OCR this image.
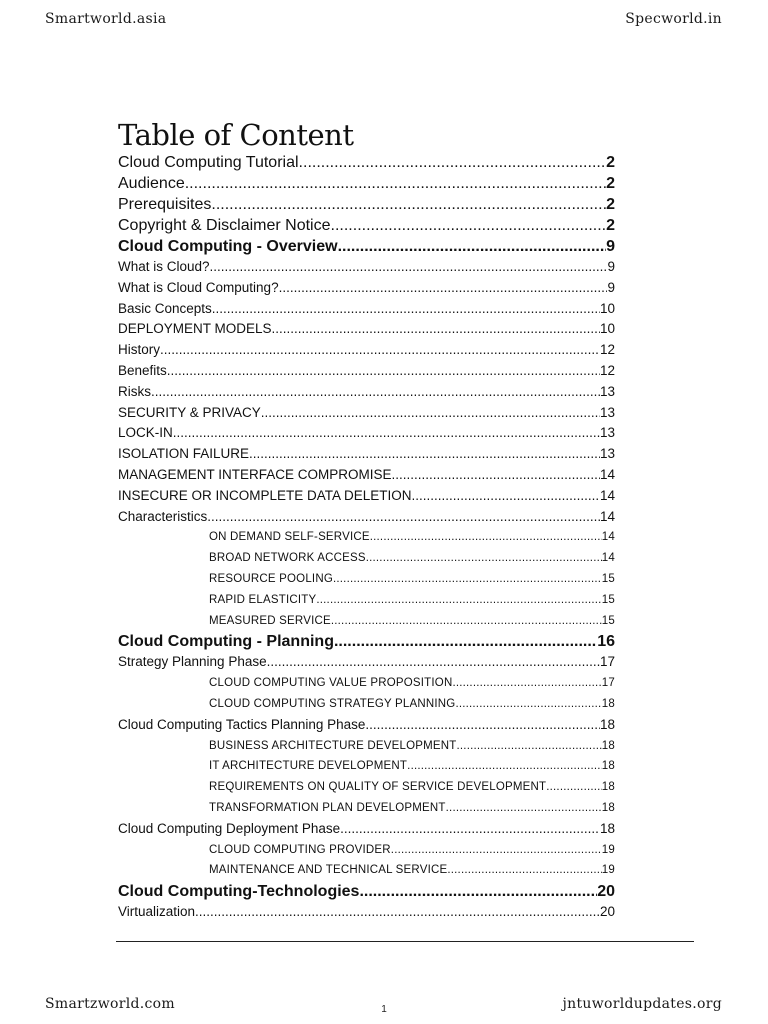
Smartworld.asia	Specworld.in
Table of Content
Cloud Computing Tutorial .....	2
Audience .....	2
Prerequisites .....	2
Copyright & Disclaimer Notice .....	2
Cloud Computing - Overview .....	9
What is Cloud? .....	9
What is Cloud Computing? .....	9
Basic Concepts .....	10
DEPLOYMENT MODELS .....	10
History .....	12
Benefits .....	12
Risks .....	13
SECURITY & PRIVACY .....	13
LOCK-IN .....	13
ISOLATION FAILURE .....	13
MANAGEMENT INTERFACE COMPROMISE .....	14
INSECURE OR INCOMPLETE DATA DELETION .....	14
Characteristics .....	14
ON DEMAND SELF-SERVICE .....	14
BROAD NETWORK ACCESS .....	14
RESOURCE POOLING .....	15
RAPID ELASTICITY .....	15
MEASURED SERVICE .....	15
Cloud Computing - Planning .....	16
Strategy Planning Phase .....	17
CLOUD COMPUTING VALUE PROPOSITION .....	17
CLOUD COMPUTING STRATEGY PLANNING .....	18
Cloud Computing Tactics Planning Phase .....	18
BUSINESS ARCHITECTURE DEVELOPMENT .....	18
IT ARCHITECTURE DEVELOPMENT .....	18
REQUIREMENTS ON QUALITY OF SERVICE DEVELOPMENT .....	18
TRANSFORMATION PLAN DEVELOPMENT .....	18
Cloud Computing Deployment Phase .....	18
CLOUD COMPUTING PROVIDER .....	19
MAINTENANCE AND TECHNICAL SERVICE .....	19
Cloud Computing-Technologies .....	20
Virtualization .....	20
Smartzworld.com	1	jntuworldupdates.org
